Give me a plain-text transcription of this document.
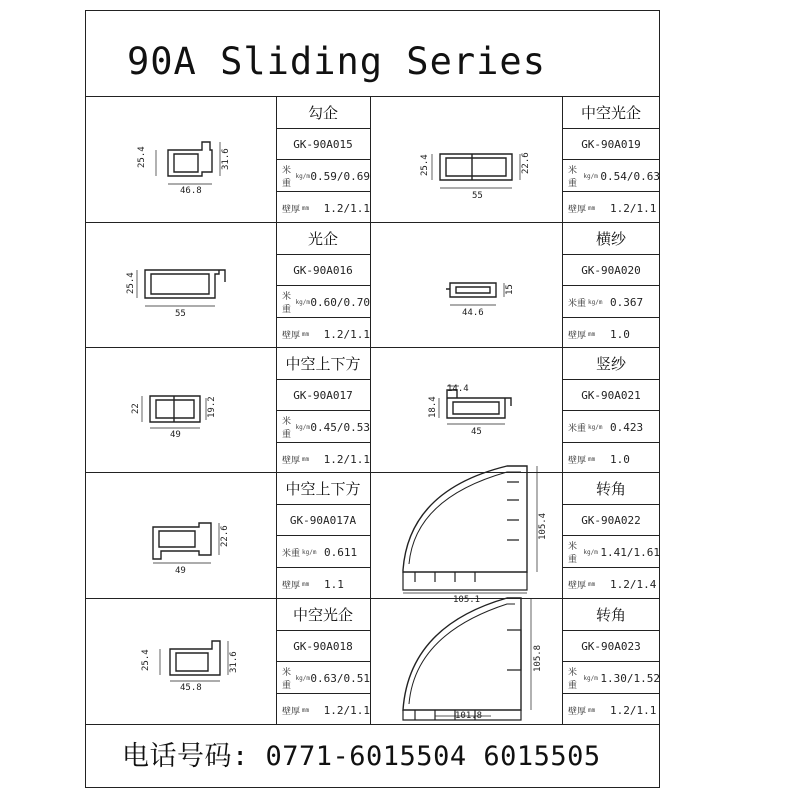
90A Sliding Series
勾企
GK-90A015
米重
kg/m 0.59/0.69
壁厚 mm	1.2/1.1
中空光企
GK-90A019
米重
kg/m 0.54/0.63
壁厚 mm	1.2/1.1
光企
GK-90A016
米重
kg/m 0.60/0.70
壁厚 mm	1.2/1.1
横纱
GK-90A020
米重 kg/m 0.367
壁厚 mm	1.0
中空上下方
GK-90A017
米重
kg/m 0.45/0.53
壁厚 mm	1.2/1.1
竖纱
GK-90A021
米重 kg/m 0.423
壁厚 mm	1.0
中空上下方
GK-90A017A
米重 kg/m 0.611
壁厚 mm	1.1
转角
GK-90A022
米重
kg/m 1.41/1.61
壁厚 mm	1.2/1.4
中空光企
GK-90A018
米重
kg/m 0.63/0.51
壁厚 mm	1.2/1.1
转角
GK-90A023
米重
kg/m 1.30/1.52
壁厚 mm	1.2/1.1
25.4	31.6
46.8
25.4	22.6
55
25.4
55
15
44.6
22	19.2
49
14.4
18.4
45
22.6
49
105.4
105.1
25.4	31.6
45.8
105.8
101.8
电话号码: 0771-6015504 6015505
